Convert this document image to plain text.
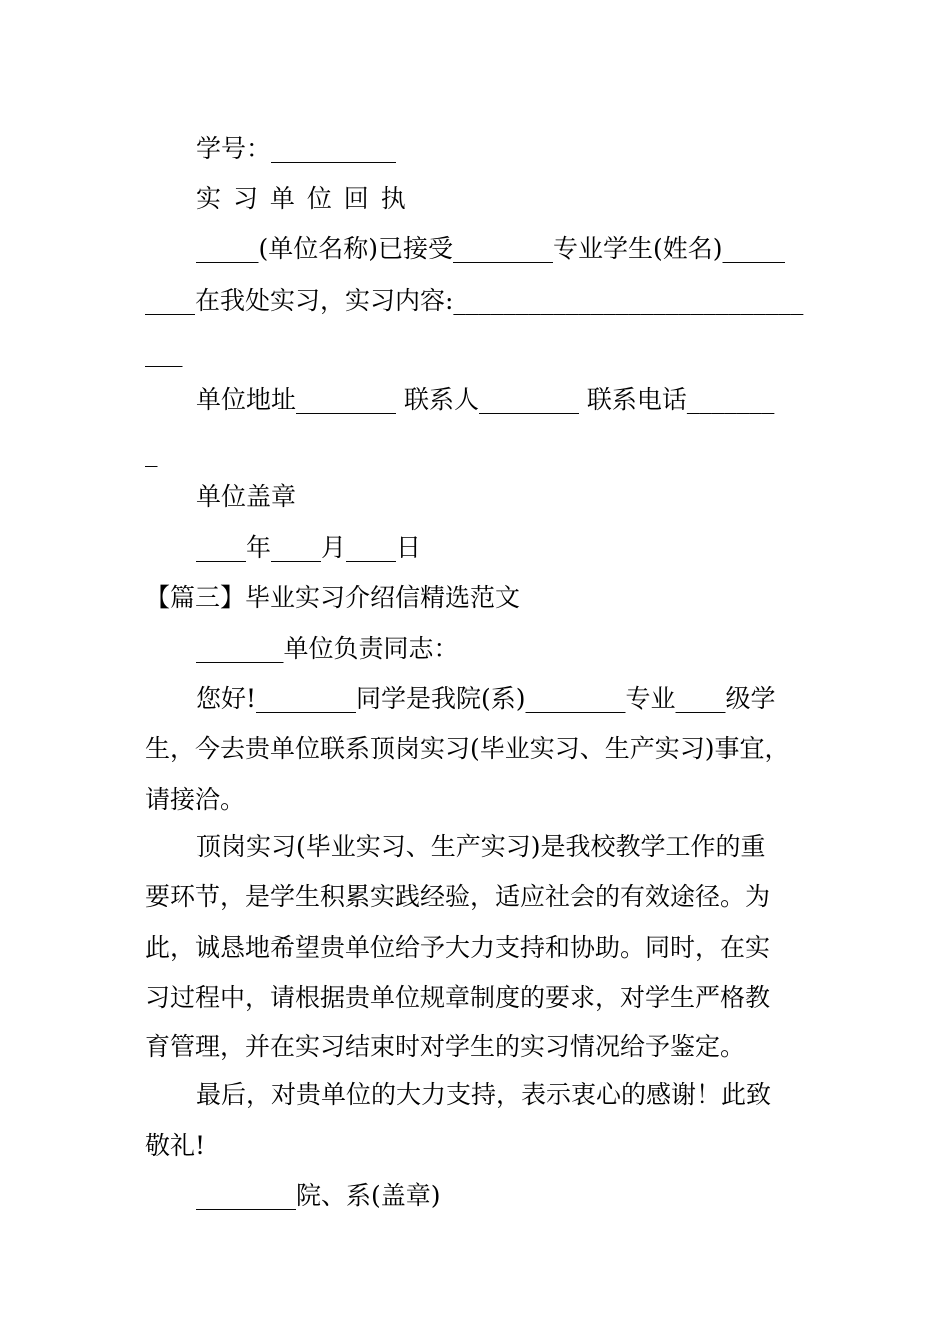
学号：__________

实 习 单 位 回 执

_____(单位名称)已接受________专业学生(姓名)_____

____在我处实习，实习内容:____________________________

___

单位地址________ 联系人________ 联系电话_______

_

单位盖章

____年____月____日

【篇三】毕业实习介绍信精选范文

_______单位负责同志：

您好!________同学是我院(系)________专业____级学

生，今去贵单位联系顶岗实习(毕业实习、生产实习)事宜，

请接洽。

顶岗实习(毕业实习、生产实习)是我校教学工作的重

要环节，是学生积累实践经验，适应社会的有效途径。为

此，诚恳地希望贵单位给予大力支持和协助。同时，在实

习过程中，请根据贵单位规章制度的要求，对学生严格教

育管理，并在实习结束时对学生的实习情况给予鉴定。

最后，对贵单位的大力支持，表示衷心的感谢！此致

敬礼!

________院、系(盖章)
